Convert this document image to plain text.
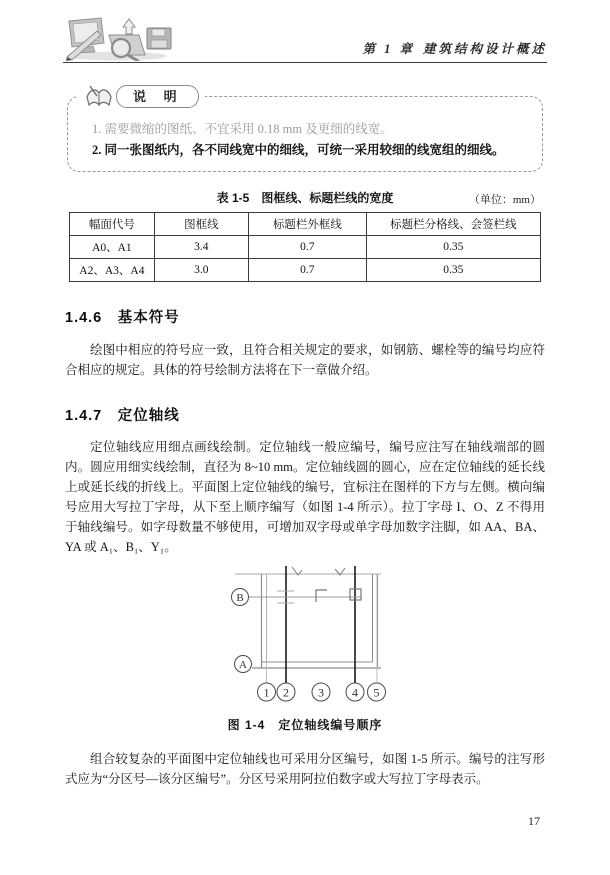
第 1 章 建筑结构设计概述
说 明

1. 需要微缩的图纸、不宜采用 0.18 mm 及更细的线宽。

2. 同一张图纸内，各不同线宽中的细线，可统一采用较细的线宽组的细线。

表 1-5　图框线、标题栏线的宽度	（单位：mm）
幅面代号	图框线	标题栏外框线	标题栏分格线、会签栏线
A0、A1	3.4	0.7	0.35
A2、A3、A4	3.0	0.7	0.35
1.4.6　基本符号

绘图中相应的符号应一致，且符合相关规定的要求，如钢筋、螺栓等的编号均应符合相应的规定。具体的符号绘制方法将在下一章做介绍。

1.4.7　定位轴线

定位轴线应用细点画线绘制。定位轴线一般应编号，编号应注写在轴线端部的圆内。圆应用细实线绘制，直径为 8~10 mm。定位轴线圆的圆心，应在定位轴线的延长线上或延长线的折线上。平面图上定位轴线的编号，宜标注在图样的下方与左侧。横向编号应用大写拉丁字母，从下至上顺序编写（如图 1-4 所示）。拉丁字母 I、O、Z 不得用于轴线编号。如字母数量不够使用，可增加双字母或单字母加数字注脚，如 AA、BA、YA 或 A₁、B₁、Y₁。

B
A
1 2 3 4 5
图 1-4　定位轴线编号顺序

组合较复杂的平面图中定位轴线也可采用分区编号，如图 1-5 所示。编号的注写形式应为“分区号—该分区编号”。分区号采用阿拉伯数字或大写拉丁字母表示。

17
